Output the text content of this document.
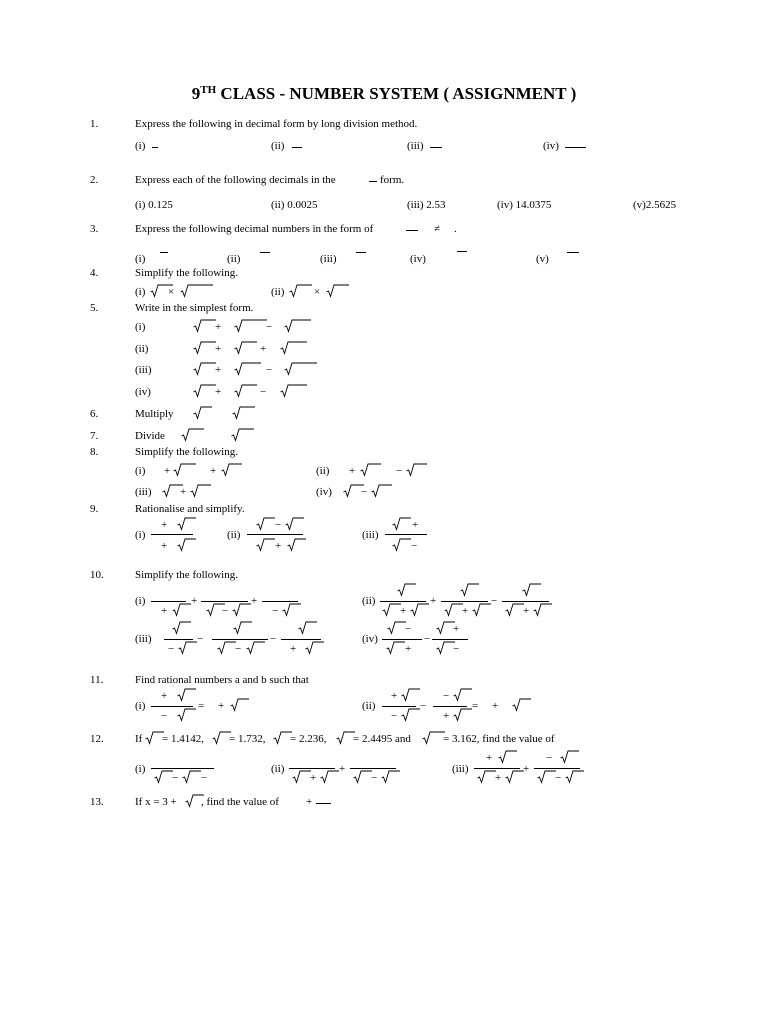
9TH CLASS - NUMBER SYSTEM ( ASSIGNMENT )
1.	Express the following in decimal form by long division method.
(i)	(ii)	(iii)	(iv)
2.	Express each of the following decimals in the	form.
(i) 0.125	(ii) 0.0025	(iii) 2.53	(iv) 14.0375	(v)2.5625
3.	Express the following decimal numbers in the form of	≠ .
(i)	(ii)	(iii)	(iv)	(v)
4.	Simplify the following.
(i) ×	(ii)	×
5.	Write in the simplest form.
(i)	+	−
(ii)	+	+
(iii)	+	−
(iv)	+	−
6.	Multiply
7.	Divide
8.	Simplify the following.
(i) +	+	(ii) +	−
(iii)	+	(iv)	−
9.	Rationalise and simplify.
(i)
+
+
(ii)
−
+
(iii)
+
−
10.	Simplify the following.
(i)
+
+
−
+
−
(ii)
+
+
+
−
+
(iii)
−
−
−
−
+
(iv)
−
+
−
+
−
11.	Find rational numbers a and b such that
(i)
+
−
= +	(ii)
+
−
−
−
+
= +
12.	If = 1.4142, = 1.732, = 2.236, = 2.4495 and	= 3.162, find the value of
(i)
− −
(ii)
+
+
−
(iii)
+
+
+
−
−
13.	If x = 3 + , find the value of +
